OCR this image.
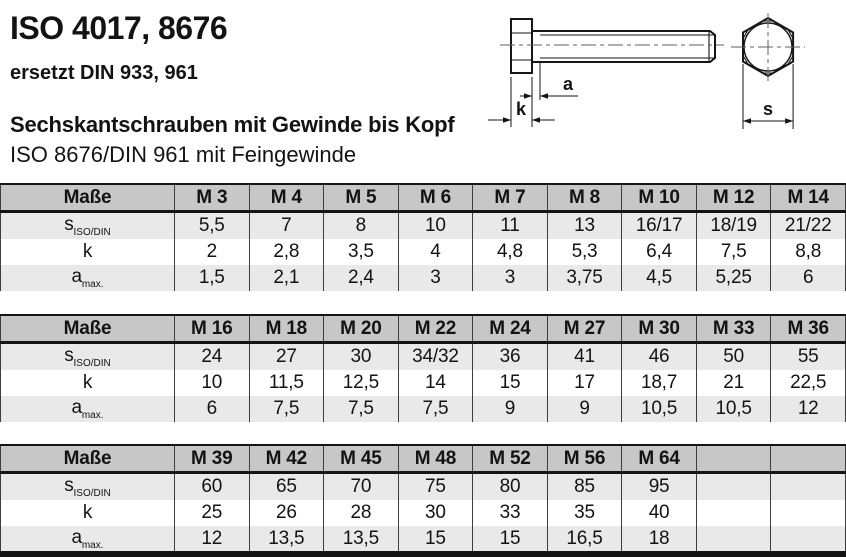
ISO 4017, 8676
ersetzt DIN 933, 961
Sechskantschrauben mit Gewinde bis Kopf

ISO 8676/DIN 961 mit Feingewinde

k
a
s
Maße	M 3	M 4	M 5	M 6	M 7	M 8	M 10	M 12	M 14
$s_{ISO/DIN}$	5,5	7	8	10	11	13	16/17	18/19	21/22
k	2	2,8	3,5	4	4,8	5,3	6,4	7,5	8,8
$a_{max.}$	1,5	2,1	2,4	3	3	3,75	4,5	5,25	6
Maße	M 16	M 18	M 20	M 22	M 24	M 27	M 30	M 33	M 36
$s_{ISO/DIN}$	24	27	30	34/32	36	41	46	50	55
k	10	11,5	12,5	14	15	17	18,7	21	22,5
$a_{max.}$	6	7,5	7,5	7,5	9	9	10,5	10,5	12
Maße	M 39	M 42	M 45	M 48	M 52	M 56	M 64		
$s_{ISO/DIN}$	60	65	70	75	80	85	95		
k	25	26	28	30	33	35	40		
$a_{max.}$	12	13,5	13,5	15	15	16,5	18		
